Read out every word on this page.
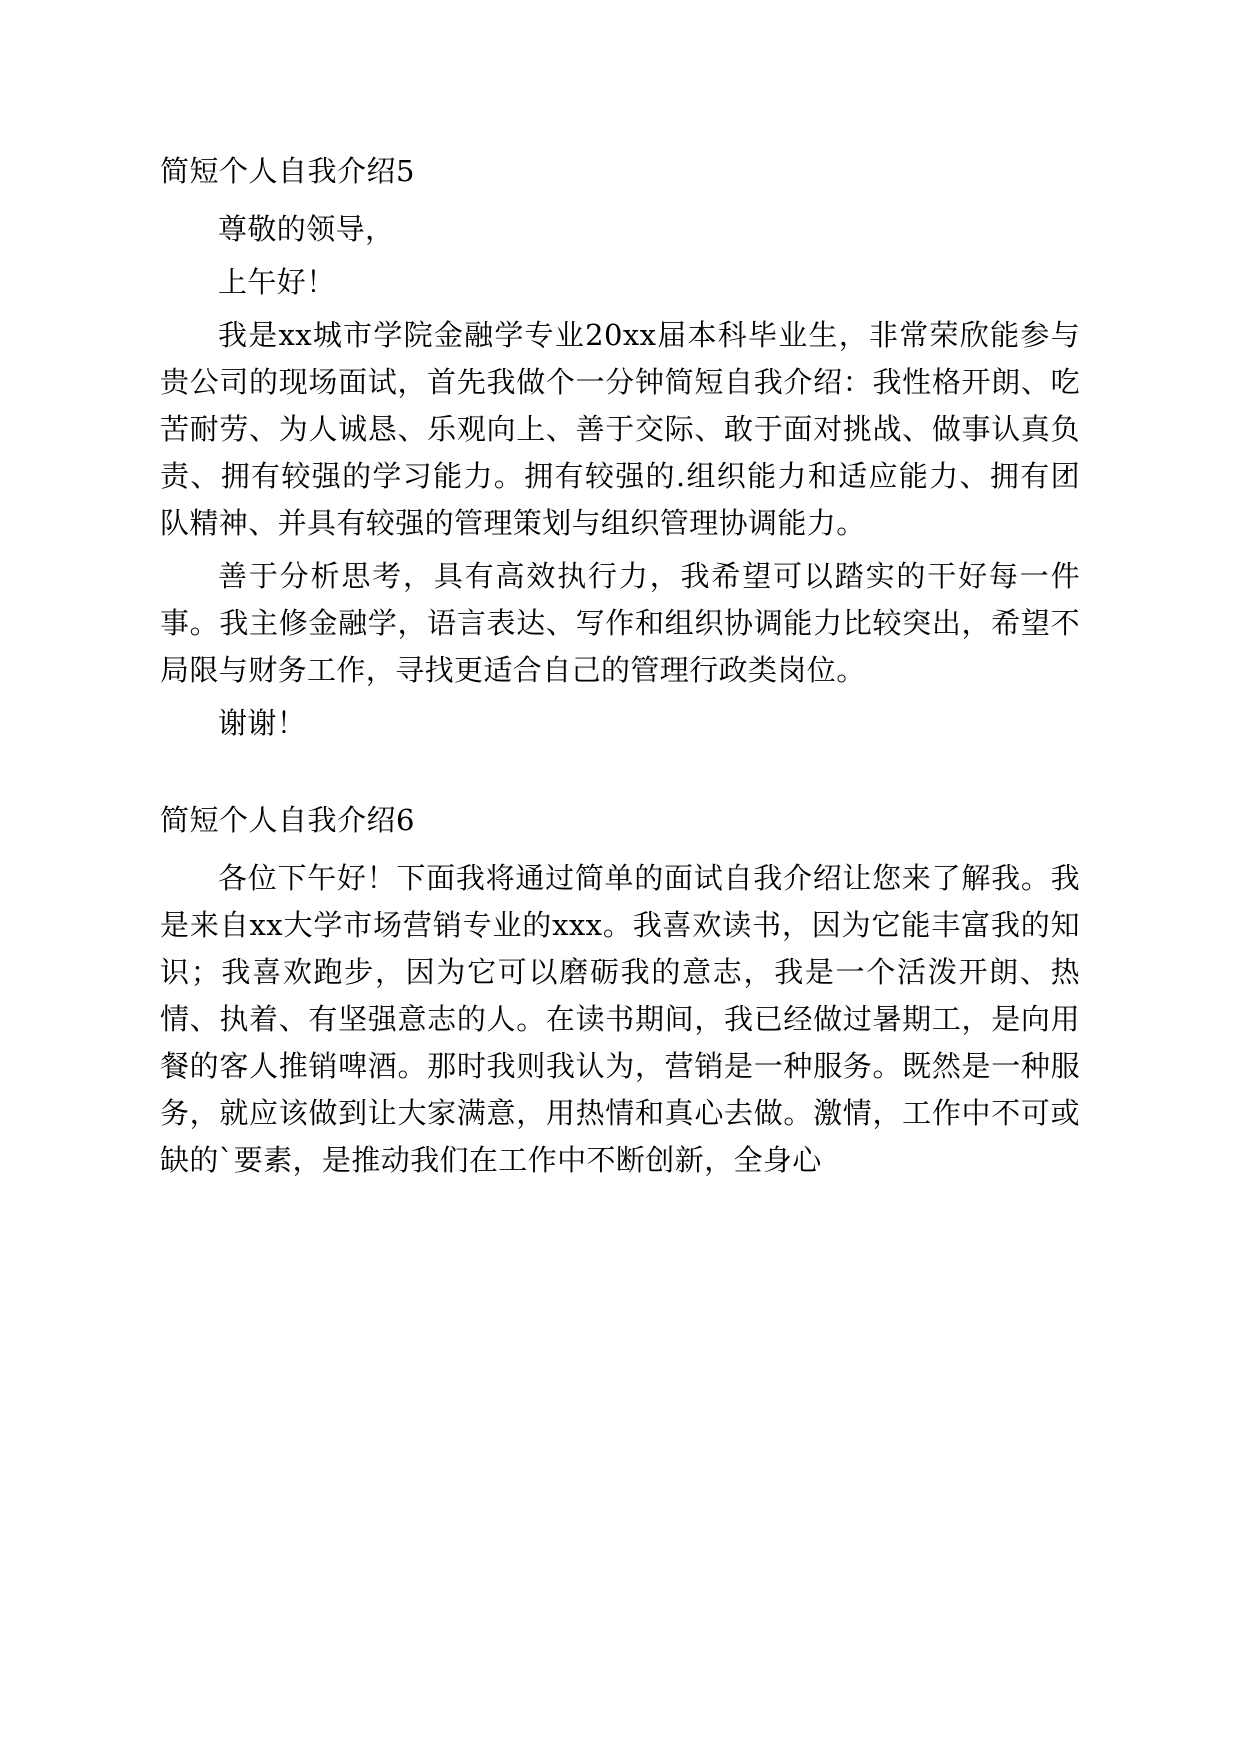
简短个人自我介绍5

尊敬的领导，

上午好！

我是xx城市学院金融学专业20xx届本科毕业生，非常荣欣能参与贵公司的现场面试，首先我做个一分钟简短自我介绍：我性格开朗、吃苦耐劳、为人诚恳、乐观向上、善于交际、敢于面对挑战、做事认真负责、拥有较强的学习能力。拥有较强的.组织能力和适应能力、拥有团队精神、并具有较强的管理策划与组织管理协调能力。

善于分析思考，具有高效执行力，我希望可以踏实的干好每一件事。我主修金融学，语言表达、写作和组织协调能力比较突出，希望不局限与财务工作，寻找更适合自己的管理行政类岗位。

谢谢！

简短个人自我介绍6

各位下午好！下面我将通过简单的面试自我介绍让您来了解我。我是来自xx大学市场营销专业的xxx。我喜欢读书，因为它能丰富我的知识；我喜欢跑步，因为它可以磨砺我的意志，我是一个活泼开朗、热情、执着、有坚强意志的人。在读书期间，我已经做过暑期工，是向用餐的客人推销啤酒。那时我则我认为，营销是一种服务。既然是一种服务，就应该做到让大家满意，用热情和真心去做。激情，工作中不可或缺的`要素，是推动我们在工作中不断创新，全身心
